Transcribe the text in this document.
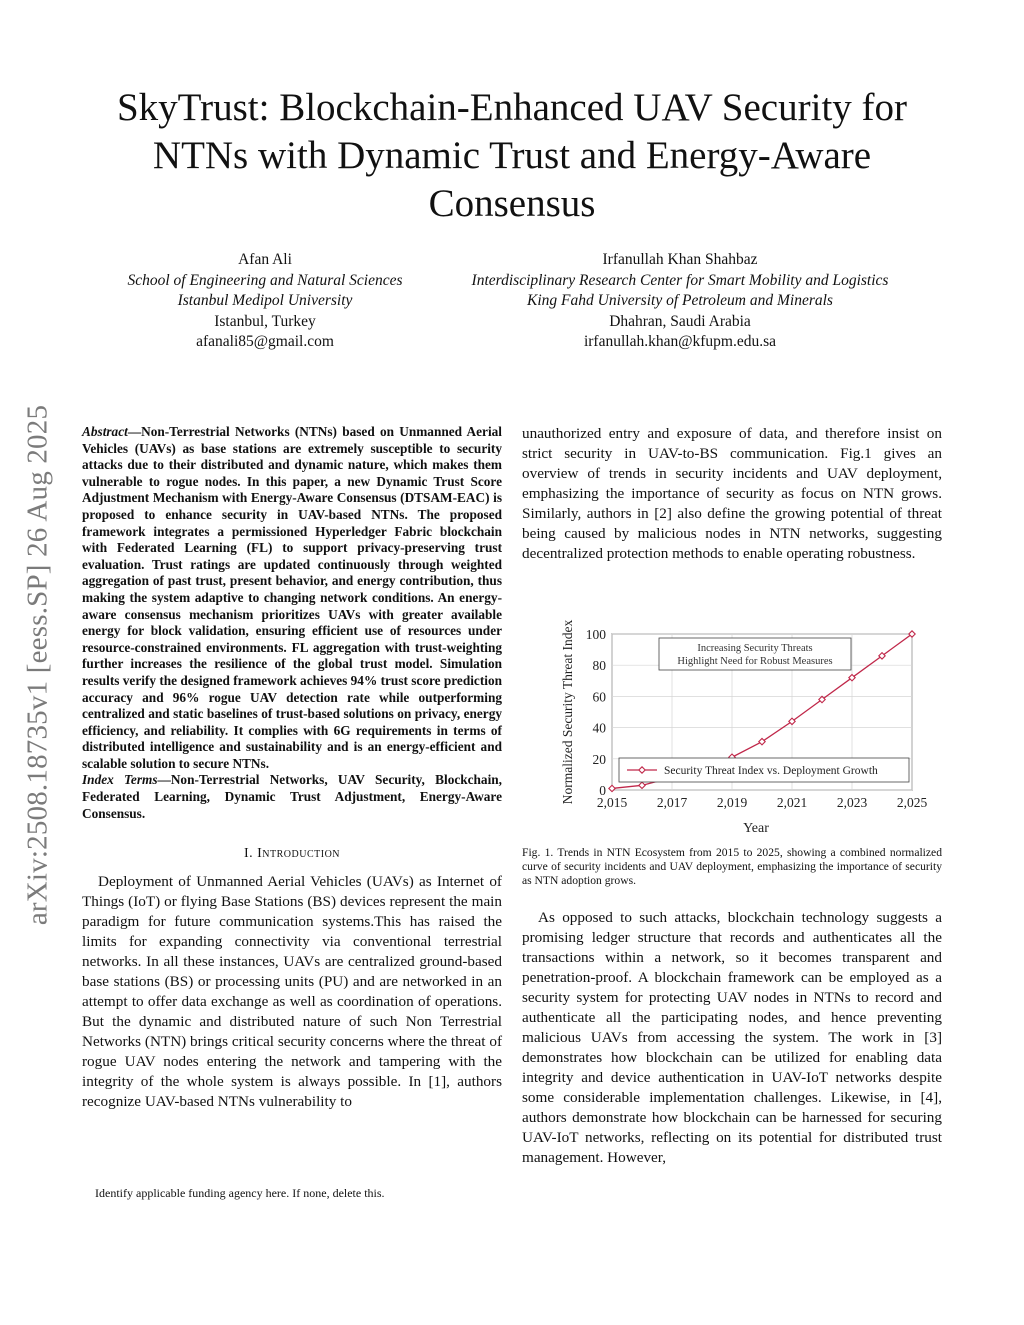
arXiv:2508.18735v1 [eess.SP] 26 Aug 2025
SkyTrust: Blockchain-Enhanced UAV Security for NTNs with Dynamic Trust and Energy-Aware Consensus
Afan Ali
School of Engineering and Natural Sciences
Istanbul Medipol University
Istanbul, Turkey
afanali85@gmail.com
Irfanullah Khan Shahbaz
Interdisciplinary Research Center for Smart Mobility and Logistics
King Fahd University of Petroleum and Minerals
Dhahran, Saudi Arabia
irfanullah.khan@kfupm.edu.sa

Abstract—Non-Terrestrial Networks (NTNs) based on Unmanned Aerial Vehicles (UAVs) as base stations are extremely susceptible to security attacks due to their distributed and dynamic nature, which makes them vulnerable to rogue nodes. In this paper, a new Dynamic Trust Score Adjustment Mechanism with Energy-Aware Consensus (DTSAM-EAC) is proposed to enhance security in UAV-based NTNs. The proposed framework integrates a permissioned Hyperledger Fabric blockchain with Federated Learning (FL) to support privacy-preserving trust evaluation. Trust ratings are updated continuously through weighted aggregation of past trust, present behavior, and energy contribution, thus making the system adaptive to changing network conditions. An energy-aware consensus mechanism prioritizes UAVs with greater available energy for block validation, ensuring efficient use of resources under resource-constrained environments. FL aggregation with trust-weighting further increases the resilience of the global trust model. Simulation results verify the designed framework achieves 94% trust score prediction accuracy and 96% rogue UAV detection rate while outperforming centralized and static baselines of trust-based solutions on privacy, energy efficiency, and reliability. It complies with 6G requirements in terms of distributed intelligence and sustainability and is an energy-efficient and scalable solution to secure NTNs.

Index Terms—Non-Terrestrial Networks, UAV Security, Blockchain, Federated Learning, Dynamic Trust Adjustment, Energy-Aware Consensus.

I. Introduction

Deployment of Unmanned Aerial Vehicles (UAVs) as Internet of Things (IoT) or flying Base Stations (BS) devices represent the main paradigm for future communication systems.This has raised the limits for expanding connectivity via conventional terrestrial networks. In all these instances, UAVs are centralized ground-based base stations (BS) or processing units (PU) and are networked in an attempt to offer data exchange as well as coordination of operations. But the dynamic and distributed nature of such Non Terrestrial Networks (NTN) brings critical security concerns where the threat of rogue UAV nodes entering the network and tampering with the integrity of the whole system is always possible. In [1], authors recognize UAV-based NTNs vulnerability to

Identify applicable funding agency here. If none, delete this.

unauthorized entry and exposure of data, and therefore insist on strict security in UAV-to-BS communication. Fig.1 gives an overview of trends in security incidents and UAV deployment, emphasizing the importance of security as focus on NTN grows. Similarly, authors in [2] also define the growing potential of threat being caused by malicious nodes in NTN networks, suggesting decentralized protection methods to enable operating robustness.

0
20
40
60
80
100
2,015 2,017 2,019 2,021 2,023 2,025
Increasing Security Threats
Highlight Need for Robust Measures
Security Threat Index vs. Deployment Growth
Normalized Security Threat Index
Year

Fig. 1. Trends in NTN Ecosystem from 2015 to 2025, showing a combined normalized curve of security incidents and UAV deployment, emphasizing the importance of security as NTN adoption grows.

As opposed to such attacks, blockchain technology suggests a promising ledger structure that records and authenticates all the transactions within a network, so it becomes transparent and penetration-proof. A blockchain framework can be employed as a security system for protecting UAV nodes in NTNs to record and authenticate all the participating nodes, and hence preventing malicious UAVs from accessing the system. The work in [3] demonstrates how blockchain can be utilized for enabling data integrity and device authentication in UAV-IoT networks despite some considerable implementation challenges. Likewise, in [4], authors demonstrate how blockchain can be harnessed for securing UAV-IoT networks, reflecting on its potential for distributed trust management. However,
